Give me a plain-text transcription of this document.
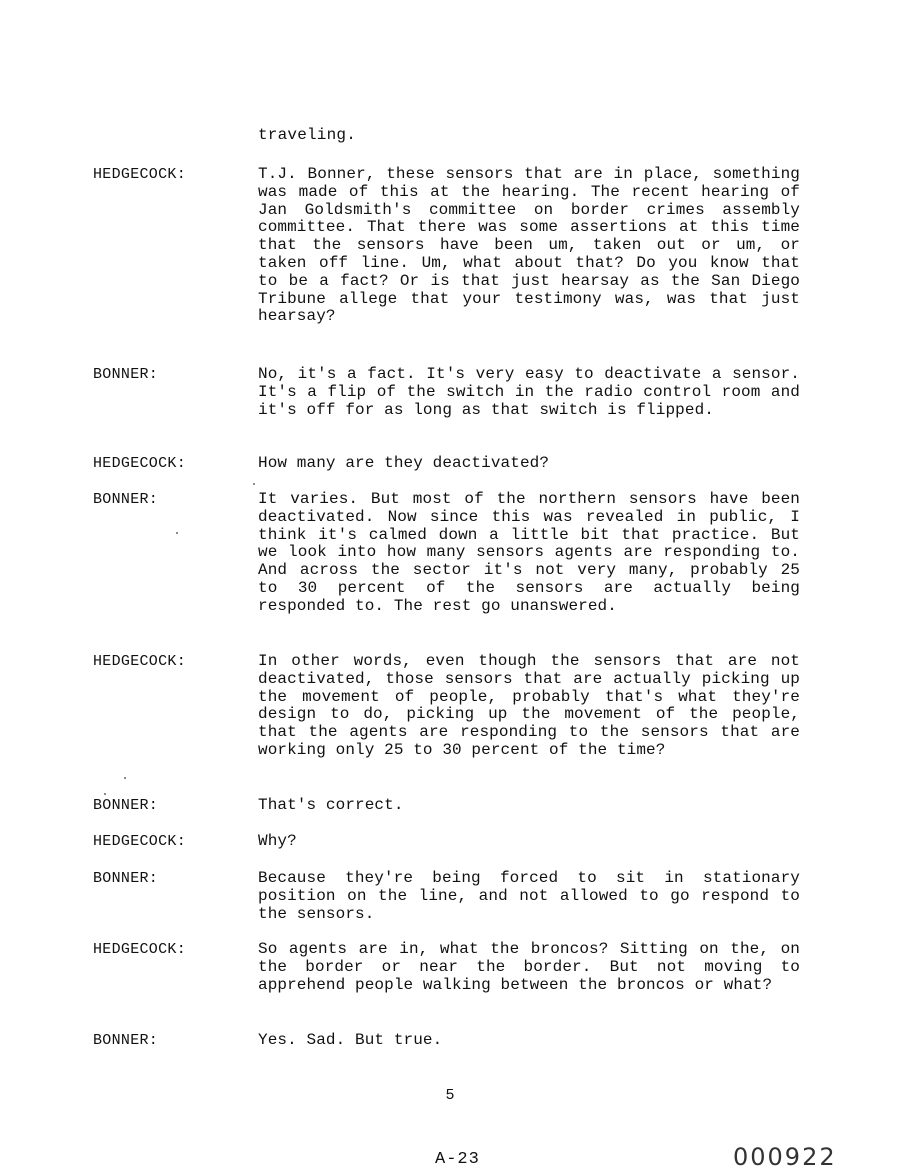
traveling.
HEDGECOCK:	T.J. Bonner, these sensors that are in place, something was made of this at the hearing. The recent hearing of Jan Goldsmith's committee on border crimes assembly committee. That there was some assertions at this time that the sensors have been um, taken out or um, or taken off line. Um, what about that? Do you know that to be a fact? Or is that just hearsay as the San Diego Tribune allege that your testimony was, was that just hearsay?
BONNER:	No, it's a fact. It's very easy to deactivate a sensor. It's a flip of the switch in the radio control room and it's off for as long as that switch is flipped.
HEDGECOCK:	How many are they deactivated?
BONNER:	It varies. But most of the northern sensors have been deactivated. Now since this was revealed in public, I think it's calmed down a little bit that practice. But we look into how many sensors agents are responding to. And across the sector it's not very many, probably 25 to 30 percent of the sensors are actually being responded to. The rest go unanswered.
HEDGECOCK:	In other words, even though the sensors that are not deactivated, those sensors that are actually picking up the movement of people, probably that's what they're design to do, picking up the movement of the people, that the agents are responding to the sensors that are working only 25 to 30 percent of the time?
BONNER:	That's correct.
HEDGECOCK:	Why?
BONNER:	Because they're being forced to sit in stationary position on the line, and not allowed to go respond to the sensors.
HEDGECOCK:	So agents are in, what the broncos? Sitting on the, on the border or near the border. But not moving to apprehend people walking between the broncos or what?
BONNER:	Yes. Sad. But true.
5
A-23	000922
